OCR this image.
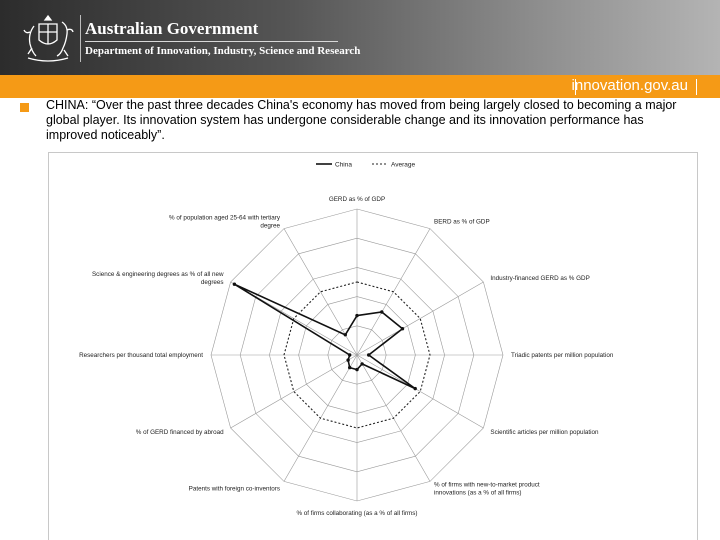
Australian Government
Department of Innovation, Industry, Science and Research
innovation.gov.au
CHINA: “Over the past three decades China's economy has moved from being largely closed to becoming a major global player. Its innovation system has undergone considerable change and its innovation performance has improved noticeably”.
GERD as % of GDP
BERD as % of GDP
Industry-financed GERD as % GDP
Triadic patents per million population
Scientific articles per million population
% of firms with new-to-market product innovations (as a % of all firms)
% of firms collaborating (as a % of all firms)
Patents with foreign co-inventors
% of GERD financed by abroad
Researchers per thousand total employment
Science & engineering degrees as % of all new degrees
% of population aged 25-64 with tertiary degree
China	Average
